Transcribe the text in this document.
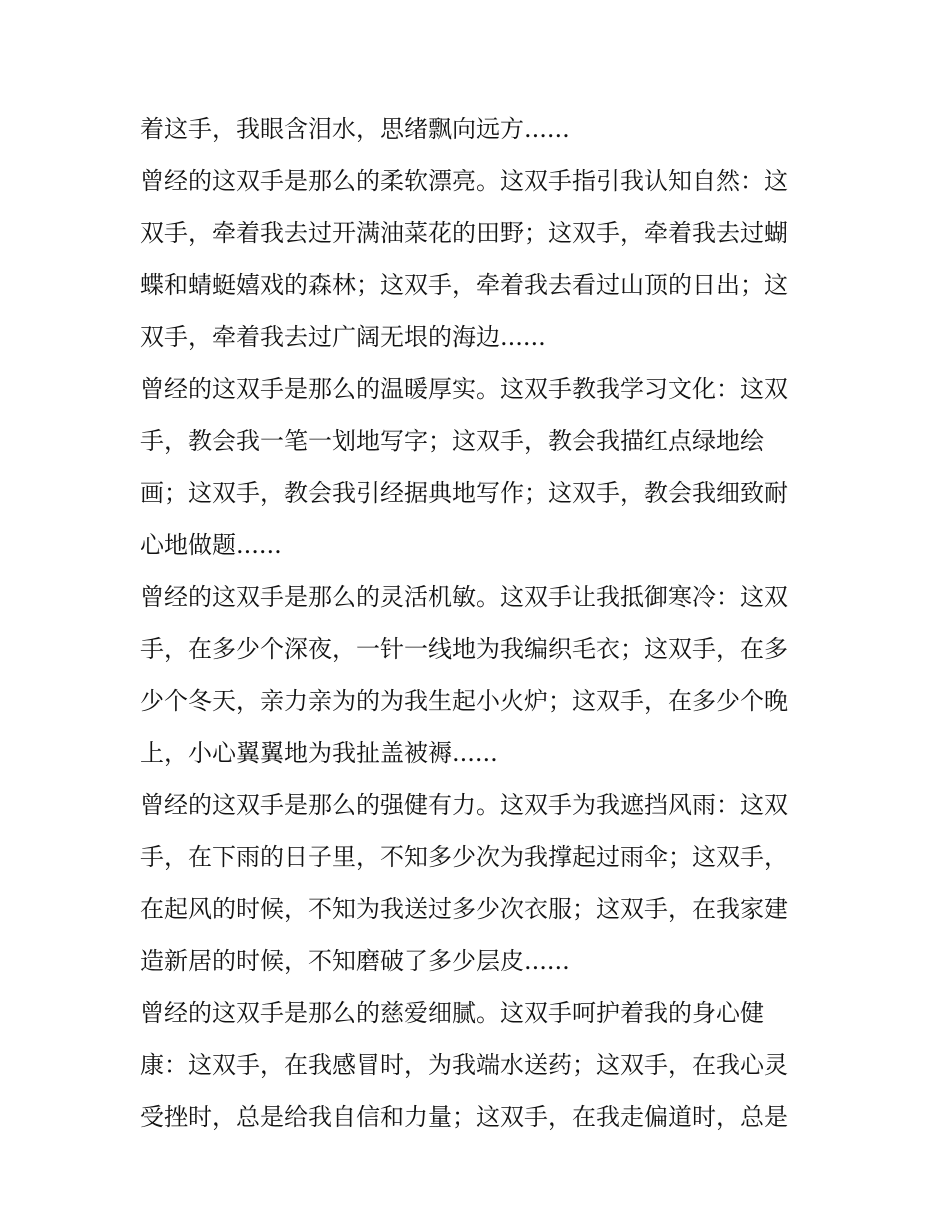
着这手，我眼含泪水，思绪飘向远方......
曾经的这双手是那么的柔软漂亮。这双手指引我认知自然：这
双手，牵着我去过开满油菜花的田野；这双手，牵着我去过蝴
蝶和蜻蜓嬉戏的森林；这双手，牵着我去看过山顶的日出；这
双手，牵着我去过广阔无垠的海边......
曾经的这双手是那么的温暖厚实。这双手教我学习文化：这双
手，教会我一笔一划地写字；这双手，教会我描红点绿地绘
画；这双手，教会我引经据典地写作；这双手，教会我细致耐
心地做题......
曾经的这双手是那么的灵活机敏。这双手让我抵御寒冷：这双
手，在多少个深夜，一针一线地为我编织毛衣；这双手，在多
少个冬天，亲力亲为的为我生起小火炉；这双手，在多少个晚
上，小心翼翼地为我扯盖被褥......
曾经的这双手是那么的强健有力。这双手为我遮挡风雨：这双
手，在下雨的日子里，不知多少次为我撑起过雨伞；这双手，
在起风的时候，不知为我送过多少次衣服；这双手，在我家建
造新居的时候，不知磨破了多少层皮......
曾经的这双手是那么的慈爱细腻。这双手呵护着我的身心健
康：这双手，在我感冒时，为我端水送药；这双手，在我心灵
受挫时，总是给我自信和力量；这双手，在我走偏道时，总是
